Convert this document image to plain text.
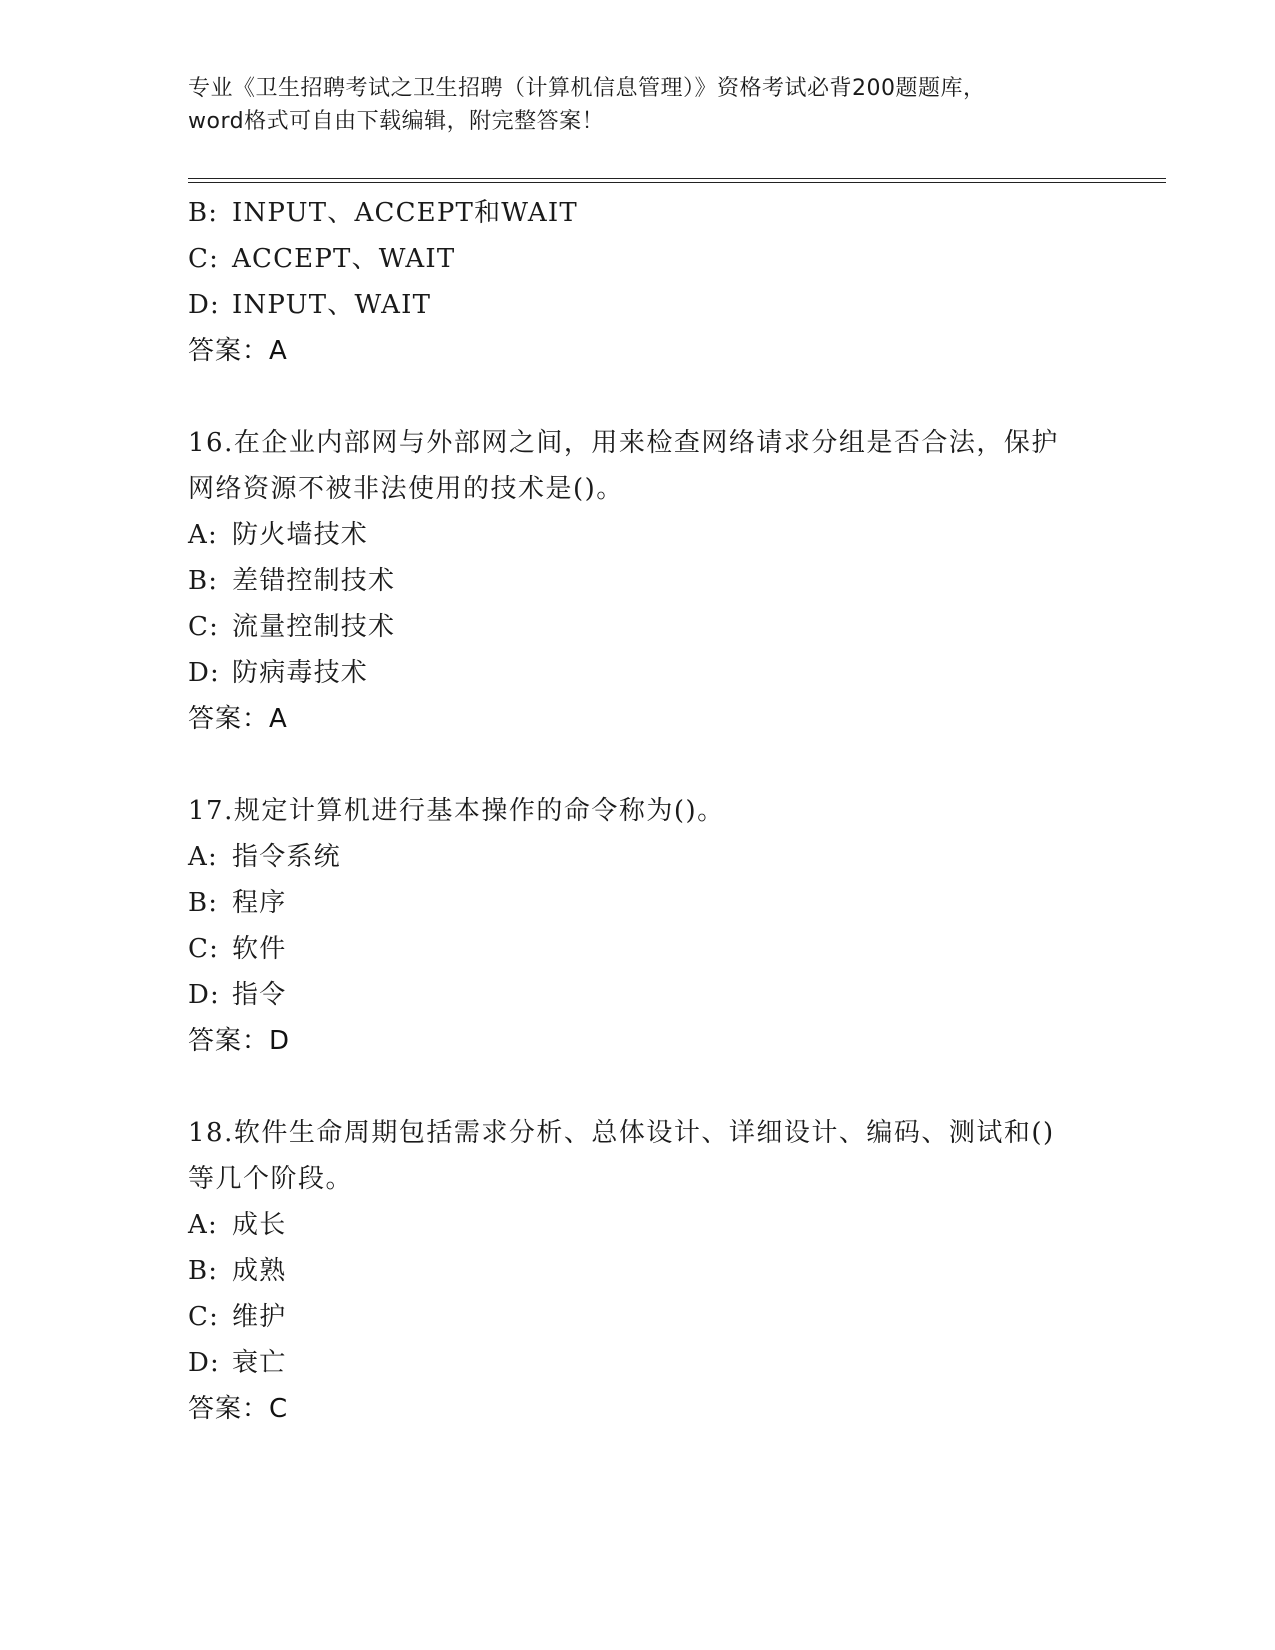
专业《卫生招聘考试之卫生招聘（计算机信息管理）》资格考试必背200题题库，
word格式可自由下载编辑，附完整答案！
B: INPUT、ACCEPT和WAIT
C: ACCEPT、WAIT
D: INPUT、WAIT
答案：A
16.在企业内部网与外部网之间，用来检查网络请求分组是否合法，保护网络资源不被非法使用的技术是()。
A: 防火墙技术
B: 差错控制技术
C: 流量控制技术
D: 防病毒技术
答案：A
17.规定计算机进行基本操作的命令称为()。
A: 指令系统
B: 程序
C: 软件
D: 指令
答案：D
18.软件生命周期包括需求分析、总体设计、详细设计、编码、测试和()等几个阶段。
A: 成长
B: 成熟
C: 维护
D: 衰亡
答案：C
